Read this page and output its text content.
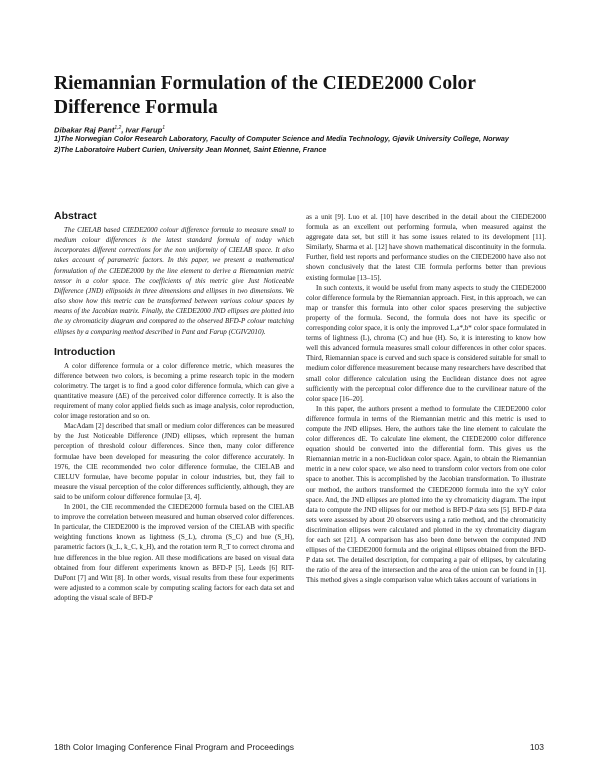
Riemannian Formulation of the CIEDE2000 Color Difference Formula
Dibakar Raj Pant$^{1,2}$, Ivar Farup$^1$

1)The Norwegian Color Research Laboratory, Faculty of Computer Science and Media Technology, Gjøvik University College, Norway

2)The Laboratoire Hubert Curien, University Jean Monnet, Saint Etienne, France

Abstract

The CIELAB based CIEDE2000 colour difference formula to measure small to medium colour differences is the latest standard formula of today which incorporates different corrections for the non uniformity of CIELAB space. It also takes account of parametric factors. In this paper, we present a mathematical formulation of the CIEDE2000 by the line element to derive a Riemannian metric tensor in a color space. The coefficients of this metric give Just Noticeable Difference (JND) ellipsoids in three dimensions and ellipses in two dimensions. We also show how this metric can be transformed between various colour spaces by means of the Jacobian matrix. Finally, the CIEDE2000 JND ellipses are plotted into the xy chromaticity diagram and compared to the observed BFD-P colour matching ellipses by a comparing method described in Pant and Farup (CGIV2010).

Introduction

A color difference formula or a color difference metric, which measures the difference between two colors, is becoming a prime research topic in the modern colorimetry. The target is to find a good color difference formula, which can give a quantitative measure (ΔE) of the perceived color difference correctly. It is also the requirement of many color applied fields such as image analysis, color reproduction, color image restoration and so on.

MacAdam [2] described that small or medium color differences can be measured by the Just Noticeable Difference (JND) ellipses, which represent the human perception of threshold colour differences. Since then, many color difference formulae have been developed for measuring the color difference accurately. In 1976, the CIE recommended two color difference formulae, the CIELAB and CIELUV formulae, have become popular in colour industries, but, they fail to measure the visual perception of the color differences sufficiently, although, they are said to be uniform colour difference formulae [3, 4].

In 2001, the CIE recommended the CIEDE2000 formula based on the CIELAB to improve the correlation between measured and human observed color differences. In particular, the CIEDE2000 is the improved version of the CIELAB with specific weighting functions known as lightness (S_L), chroma (S_C) and hue (S_H), parametric factors (k_L, k_C, k_H), and the rotation term R_T to correct chroma and hue differences in the blue region. All these modifications are based on visual data obtained from four different experiments known as BFD-P [5], Leeds [6] RIT-DuPont [7] and Witt [8]. In other words, visual results from these four experiments were adjusted to a common scale by computing scaling factors for each data set and adopting the visual scale of BFD-P

as a unit [9]. Luo et al. [10] have described in the detail about the CIEDE2000 formula as an excellent out performing formula, when measured against the aggregate data set, but still it has some issues related to its development [11]. Similarly, Sharma et al. [12] have shown mathematical discontinuity in the formula. Further, field test reports and performance studies on the CIEDE2000 have also not shown conclusively that the latest CIE formula performs better than previous existing formulae [13–15].

In such contexts, it would be useful from many aspects to study the CIEDE2000 color difference formula by the Riemannian approach. First, in this approach, we can map or transfer this formula into other color spaces preserving the subjective property of the formula. Second, the formula does not have its specific or corresponding color space, it is only the improved L,a*,b* color space formulated in terms of lightness (L), chroma (C) and hue (H). So, it is interesting to know how well this advanced formula measures small colour differences in other color spaces. Third, Riemannian space is curved and such space is considered suitable for small to medium color difference measurement because many researchers have described that small color difference calculation using the Euclidean distance does not agree sufficiently with the perceptual color difference due to the curvilinear nature of the color space [16–20].

In this paper, the authors present a method to formulate the CIEDE2000 color difference formula in terms of the Riemannian metric and this metric is used to compute the JND ellipses. Here, the authors take the line element to calculate the color differences dE. To calculate line element, the CIEDE2000 color difference equation should be converted into the differential form. This gives us the Riemannian metric in a non-Euclidean color space. Again, to obtain the Riemannian metric in a new color space, we also need to transform color vectors from one color space to another. This is accomplished by the Jacobian transformation. To illustrate our method, the authors transformed the CIEDE2000 formula into the xyY color space. And, the JND ellipses are plotted into the xy chromaticity diagram. The input data to compute the JND ellipses for our method is BFD-P data sets [5]. BFD-P data sets were assessed by about 20 observers using a ratio method, and the chromaticity discrimination ellipses were calculated and plotted in the xy chromaticity diagram for each set [21]. A comparison has also been done between the computed JND ellipses of the CIEDE2000 formula and the original ellipses obtained from the BFD-P data set. The detailed description, for comparing a pair of ellipses, by calculating the ratio of the area of the intersection and the area of the union can be found in [1]. This method gives a single comparison value which takes account of variations in

18th Color Imaging Conference Final Program and Proceedings	103
